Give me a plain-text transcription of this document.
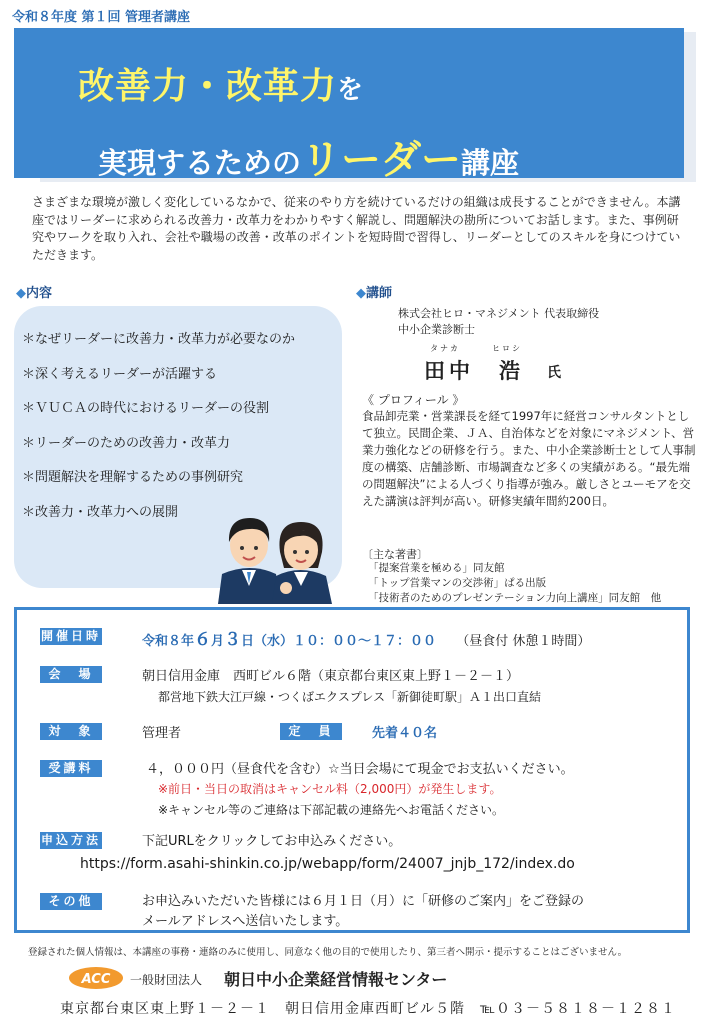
令和８年度 第１回 管理者講座
改善力・改革力を
実現するためのリーダー講座
さまざまな環境が激しく変化しているなかで、従来のやり方を続けているだけの組織は成長することができません。本講座ではリーダーに求められる改善力・改革力をわかりやすく解説し、問題解決の勘所についてお話します。また、事例研究やワークを取り入れ、会社や職場の改善・改革のポイントを短時間で習得し、リーダーとしてのスキルを身につけていただきます。
◆内容	◆講師
＊なぜリーダーに改善力・改革力が必要なのか
＊深く考えるリーダーが活躍する
＊ＶＵＣＡの時代におけるリーダーの役割
＊リーダーのための改善力・改革力
＊問題解決を理解するための事例研究
＊改善力・改革力への展開
株式会社ヒロ・マネジメント 代表取締役
中小企業診断士
タナカ	ヒロシ
田中　浩 氏
《 プロフィール 》
食品卸売業・営業課長を経て1997年に経営コンサルタントとして独立。民間企業、ＪＡ、自治体などを対象にマネジメント、営業力強化などの研修を行う。また、中小企業診断士として人事制度の構築、店舗診断、市場調査など多くの実績がある。“最先端の問題解決”による人づくり指導が強み。厳しさとユーモアを交えた講演は評判が高い。研修実績年間約200日。
〔主な著書〕
「提案営業を極める」同友館
「トップ営業マンの交渉術」ぱる出版
「技術者のためのプレゼンテーション力向上講座」同友館　他
開催日時	令和８年６月３日（水）１０：００～１７：００ （昼食付 休憩１時間）
会　場	朝日信用金庫　西町ビル６階（東京都台東区東上野１－２－１）
都営地下鉄大江戸線・つくばエクスプレス「新御徒町駅」Ａ１出口直結
対　象	管理者	定　員	先着４０名
受講料	４，０００円（昼食代を含む）☆当日会場にて現金でお支払いください。
※前日・当日の取消はキャンセル料（2,000円）が発生します。
※キャンセル等のご連絡は下部記載の連絡先へお電話ください。
申込方法	下記URLをクリックしてお申込みください。
https://form.asahi-shinkin.co.jp/webapp/form/24007_jnjb_172/index.do
その他	お申込みいただいた皆様には６月１日（月）に「研修のご案内」をご登録の
メールアドレスへ送信いたします。
登録された個人情報は、本講座の事務・連絡のみに使用し、同意なく他の目的で使用したり、第三者へ開示・提示することはございません。
ACC 一般財団法人 朝日中小企業経営情報センター
東京都台東区東上野１－２－１　朝日信用金庫西町ビル５階　℡０３－５８１８－１２８１
